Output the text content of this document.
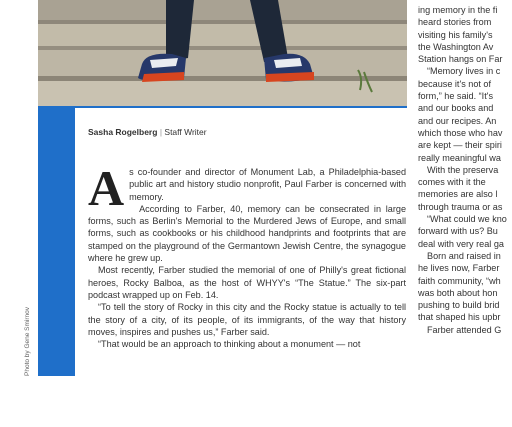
Photo by Gene Smirnov
Sasha Rogelberg | Staff Writer

A s co-founder and director of Monument Lab, a Philadelphia-based public art and history studio nonprofit, Paul Farber is concerned with memory.

According to Farber, 40, memory can be consecrated in large forms, such as Berlin's Memorial to the Murdered Jews of Europe, and small forms, such as cookbooks or his childhood handprints and footprints that are stamped on the playground of the Germantown Jewish Centre, the synagogue where he grew up.

Most recently, Farber studied the memorial of one of Philly's great fictional heroes, Rocky Balboa, as the host of WHYY's “The Statue.” The six-part podcast wrapped up on Feb. 14.

“To tell the story of Rocky in this city and the Rocky statue is actually to tell the story of a city, of its people, of its immigrants, of the way that history moves, inspires and pushes us,” Farber said.

“That would be an approach to thinking about a monument — not

ing memory in the fi
heard stories from
visiting his family's
the Washington Av
Station hangs on Far
“Memory lives in c
because it's not of
form,” he said. “It's
and our books and
and our recipes. An
which those who hav
are kept — their spiri
really meaningful wa
With the preserva
comes with it the
memories are also l
through trauma or as
“What could we kno
forward with us? Bu
deal with very real ga
Born and raised in
he lives now, Farber
faith community, “wh
was both about hon
pushing to build brid
that shaped his upbr
Farber attended G
